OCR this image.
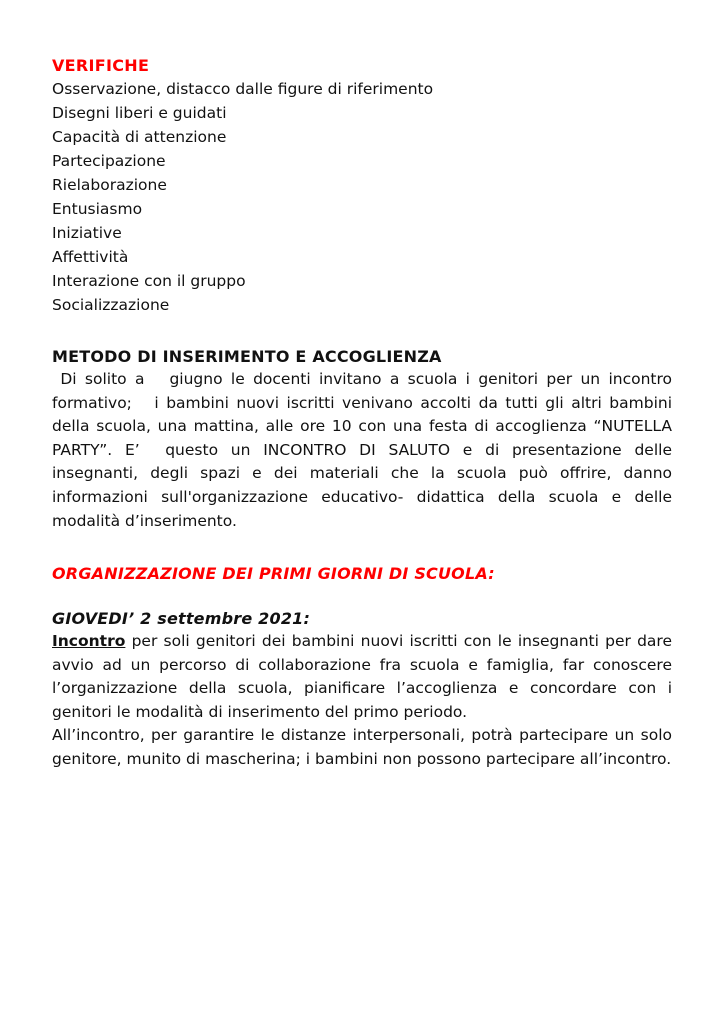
VERIFICHE
Osservazione, distacco dalle figure di riferimento
Disegni liberi e guidati
Capacità di attenzione
Partecipazione
Rielaborazione
Entusiasmo
Iniziative
Affettività
Interazione con il gruppo
Socializzazione
METODO DI INSERIMENTO E ACCOGLIENZA

Di solito a   giugno le docenti invitano a scuola i genitori per un incontro formativo;   i bambini nuovi iscritti venivano accolti da tutti gli altri bambini della scuola, una mattina, alle ore 10 con una festa di accoglienza “NUTELLA PARTY”. E’  questo un INCONTRO DI SALUTO e di presentazione delle insegnanti, degli spazi e dei materiali che la scuola può offrire, danno informazioni sull'organizzazione educativo- didattica della scuola e delle modalità d’inserimento.

ORGANIZZAZIONE DEI PRIMI GIORNI DI SCUOLA:
GIOVEDI’ 2 settembre 2021:

Incontro per soli genitori dei bambini nuovi iscritti con le insegnanti per dare avvio ad un percorso di collaborazione fra scuola e famiglia, far conoscere l’organizzazione della scuola, pianificare l’accoglienza e concordare con i genitori le modalità di inserimento del primo periodo.

All’incontro, per garantire le distanze interpersonali, potrà partecipare un solo genitore, munito di mascherina; i bambini non possono partecipare all’incontro.
